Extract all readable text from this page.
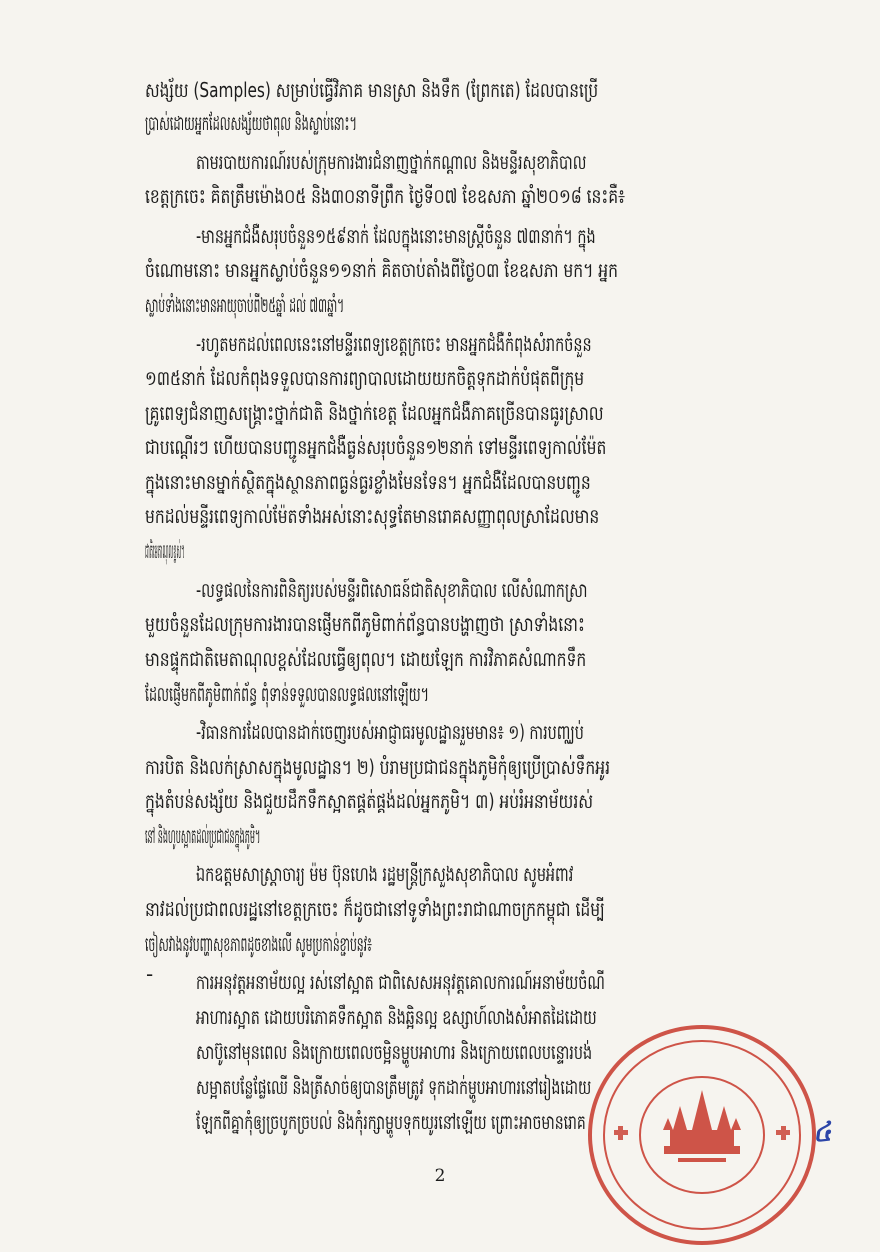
សង្ស័យ (Samples) សម្រាប់ធ្វើវិភាគ មានស្រា និងទឹក (ព្រែកតេ) ដែលបានប្រើ
ប្រាស់ដោយអ្នកដែលសង្ស័យថាពុល និងស្លាប់នោះ។
តាមរបាយការណ៍របស់ក្រុមការងារជំនាញថ្នាក់កណ្តាល និងមន្ទីរសុខាភិបាល
ខេត្តក្រចេះ គិតត្រឹមម៉ោង០៥ និង៣០នាទីព្រឹក ថ្ងៃទី០៧ ខែឧសភា ឆ្នាំ២០១៨ នេះគឺ៖
-មានអ្នកជំងឺសរុបចំនួន១៥៩នាក់ ដែលក្នុងនោះមានស្ត្រីចំនួន ៧៣នាក់។ ក្នុង
ចំណោមនោះ មានអ្នកស្លាប់ចំនួន១១នាក់ គិតចាប់តាំងពីថ្ងៃ០៣ ខែឧសភា មក។ អ្នក
ស្លាប់ទាំងនោះមានអាយុចាប់ពី២៥ឆ្នាំ ដល់ ៧៣ឆ្នាំ។
-រហូតមកដល់ពេលនេះនៅមន្ទីរពេទ្យខេត្តក្រចេះ មានអ្នកជំងឺកំពុងសំរាកចំនួន
១៣៥នាក់ ដែលកំពុងទទួលបានការព្យាបាលដោយយកចិត្តទុកដាក់បំផុតពីក្រុម
គ្រូពេទ្យជំនាញសង្គ្រោះថ្នាក់ជាតិ និងថ្នាក់ខេត្ត ដែលអ្នកជំងឺភាគច្រើនបានធូរស្រាល
ជាបណ្តើរៗ ហើយបានបញ្ជូនអ្នកជំងឺធ្ងន់សរុបចំនួន១២នាក់ ទៅមន្ទីរពេទ្យកាល់ម៉ែត
ក្នុងនោះមានម្នាក់ស្ថិតក្នុងស្ថានភាពធ្ងន់ធ្ងរខ្លាំងមែនទែន។ អ្នកជំងឺដែលបានបញ្ជូន
មកដល់មន្ទីរពេទ្យកាល់ម៉ែតទាំងអស់នោះសុទ្ធតែមានរោគសញ្ញាពុលស្រាដែលមាន
ជាតិមេតាណុលខ្ពស់។
-លទ្ធផលនៃការពិនិត្យរបស់មន្ទីរពិសោធន៍ជាតិសុខាភិបាល លើសំណាកស្រា
មួយចំនួនដែលក្រុមការងារបានផ្ញើមកពីភូមិពាក់ព័ន្ធបានបង្ហាញថា ស្រាទាំងនោះ
មានផ្ទុកជាតិមេតាណុលខ្ពស់ដែលធ្វើឲ្យពុល។ ដោយឡែក ការវិភាគសំណាកទឹក
ដែលផ្ញើមកពីភូមិពាក់ព័ន្ធ ពុំទាន់ទទួលបានលទ្ធផលនៅឡើយ។
-វិធានការដែលបានដាក់ចេញរបស់អាជ្ញាធរមូលដ្ឋានរួមមាន៖ ១) ការបញ្ឈប់
ការបិត និងលក់ស្រាសក្នុងមូលដ្ឋាន។ ២) បំរាមប្រជាជនក្នុងភូមិកុំឲ្យប្រើប្រាស់ទឹកអូរ
ក្នុងតំបន់សង្ស័យ និងជួយដឹកទឹកស្អាតផ្គត់ផ្គង់ដល់អ្នកភូមិ។ ៣) អប់រំអនាម័យរស់
នៅ និងហូបស្អាតដល់ប្រជាជនក្នុងភូមិ។
ឯកឧត្តមសាស្ត្រាចារ្យ ម៉ម ប៊ុនហេង រដ្ឋមន្ត្រីក្រសួងសុខាភិបាល សូមអំពាវ
នាវដល់ប្រជាពលរដ្ឋនៅខេត្តក្រចេះ ក៏ដូចជានៅទូទាំងព្រះរាជាណាចក្រកម្ពុជា ដើម្បី
ចៀសវាងនូវបញ្ហាសុខភាពដូចខាងលើ សូមប្រកាន់ខ្ជាប់នូវ៖
ការអនុវត្តអនាម័យល្អ រស់នៅស្អាត ជាពិសេសអនុវត្តគោលការណ៍អនាម័យចំណី
អាហារស្អាត ដោយបរិភោគទឹកស្អាត និងឆ្អិនល្អ ឧស្សាហ៍លាងសំអាតដៃដោយ
សាប៊ូនៅមុនពេល និងក្រោយពេលចម្អិនម្ហូបអាហារ និងក្រោយពេលបន្ទោរបង់
សម្អាតបន្លែផ្លែឈើ និងត្រីសាច់ឲ្យបានត្រឹមត្រូវ ទុកដាក់ម្ហូបអាហារនៅរៀងដោយ
ឡែកពីគ្នាកុំឲ្យច្របូកច្របល់ និងកុំរក្សាម្ហូបទុកយូរនៅឡើយ ព្រោះអាចមានរោគ
-
2
៤
